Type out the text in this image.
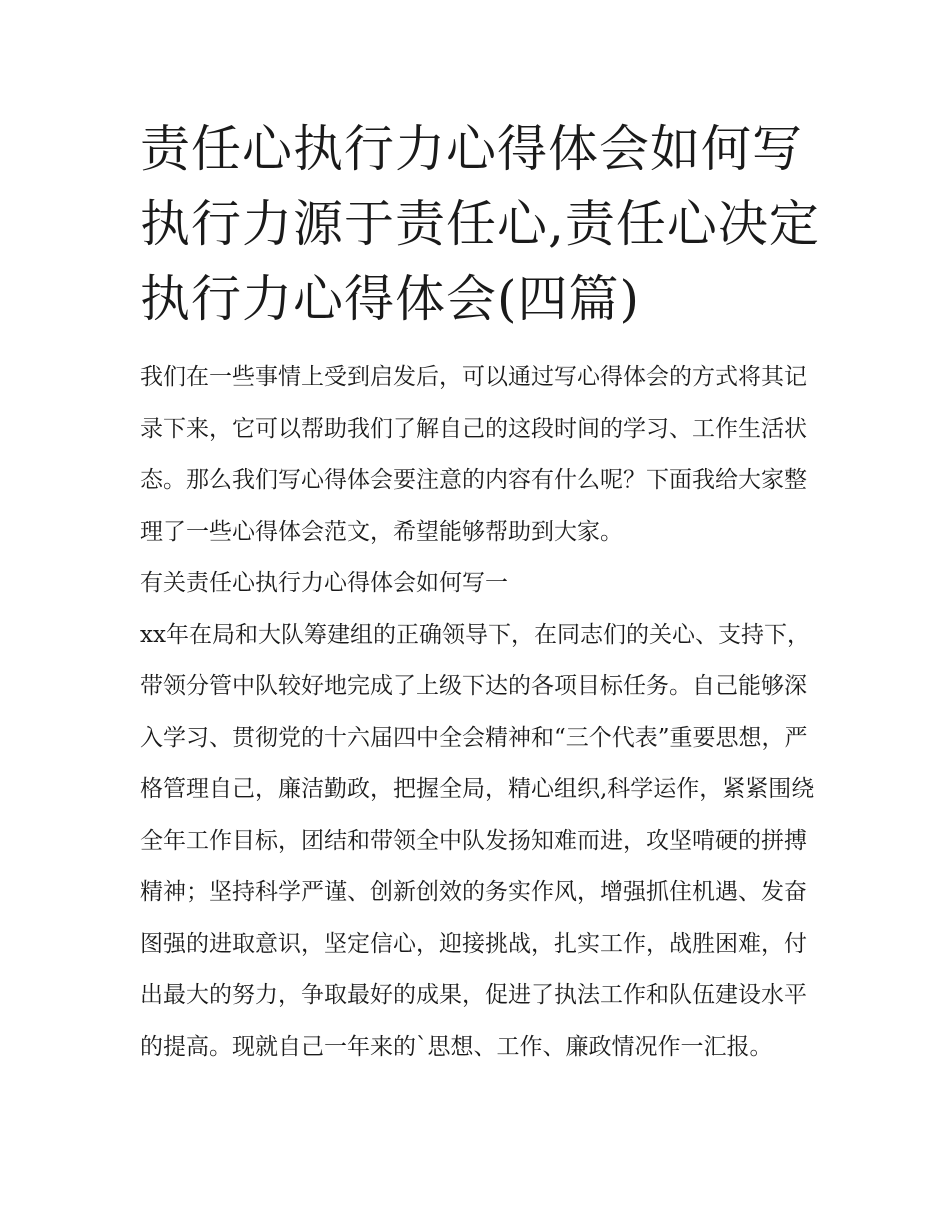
责任心执行力心得体会如何写执行力源于责任心,责任心决定执行力心得体会(四篇)

我们在一些事情上受到启发后，可以通过写心得体会的方式将其记录下来，它可以帮助我们了解自己的这段时间的学习、工作生活状态。那么我们写心得体会要注意的内容有什么呢？下面我给大家整理了一些心得体会范文，希望能够帮助到大家。

有关责任心执行力心得体会如何写一

xx年在局和大队筹建组的正确领导下，在同志们的关心、支持下，带领分管中队较好地完成了上级下达的各项目标任务。自己能够深入学习、贯彻党的十六届四中全会精神和“三个代表”重要思想，严格管理自己，廉洁勤政，把握全局，精心组织,科学运作，紧紧围绕全年工作目标，团结和带领全中队发扬知难而进，攻坚啃硬的拼搏精神；坚持科学严谨、创新创效的务实作风，增强抓住机遇、发奋图强的进取意识，坚定信心，迎接挑战，扎实工作，战胜困难，付出最大的努力，争取最好的成果，促进了执法工作和队伍建设水平的提高。现就自己一年来的`思想、工作、廉政情况作一汇报。
